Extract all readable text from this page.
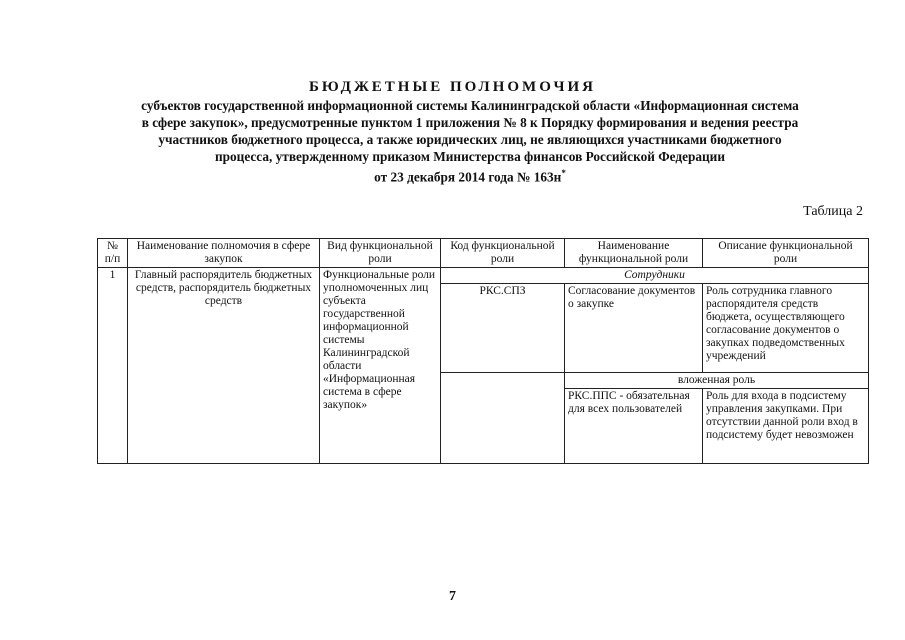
БЮДЖЕТНЫЕ ПОЛНОМОЧИЯ
субъектов государственной информационной системы Калининградской области «Информационная система
в сфере закупок», предусмотренные пунктом 1 приложения № 8 к Порядку формирования и ведения реестра
участников бюджетного процесса, а также юридических лиц, не являющихся участниками бюджетного
процесса, утвержденному приказом Министерства финансов Российской Федерации
от 23 декабря 2014 года № 163н*
Таблица 2
№ п/п	Наименование полномочия в сфере закупок	Вид функциональной роли	Код функциональной роли	Наименование функциональной роли	Описание функциональной роли
1	Главный распорядитель бюджетных средств, распорядитель бюджетных средств	Функциональные роли уполномоченных лиц субъекта государственной информационной системы Калининградской области «Информационная система в сфере закупок»	Сотрудники		
			РКС.СПЗ	Согласование документов о закупке	Роль сотрудника главного распорядителя средств бюджета, осуществляющего согласование документов о закупках подведомственных учреждений
				вложенная роль	
				РКС.ППС - обязательная для всех пользователей	Роль для входа в подсистему управления закупками. При отсутствии данной роли вход в подсистему будет невозможен
7
